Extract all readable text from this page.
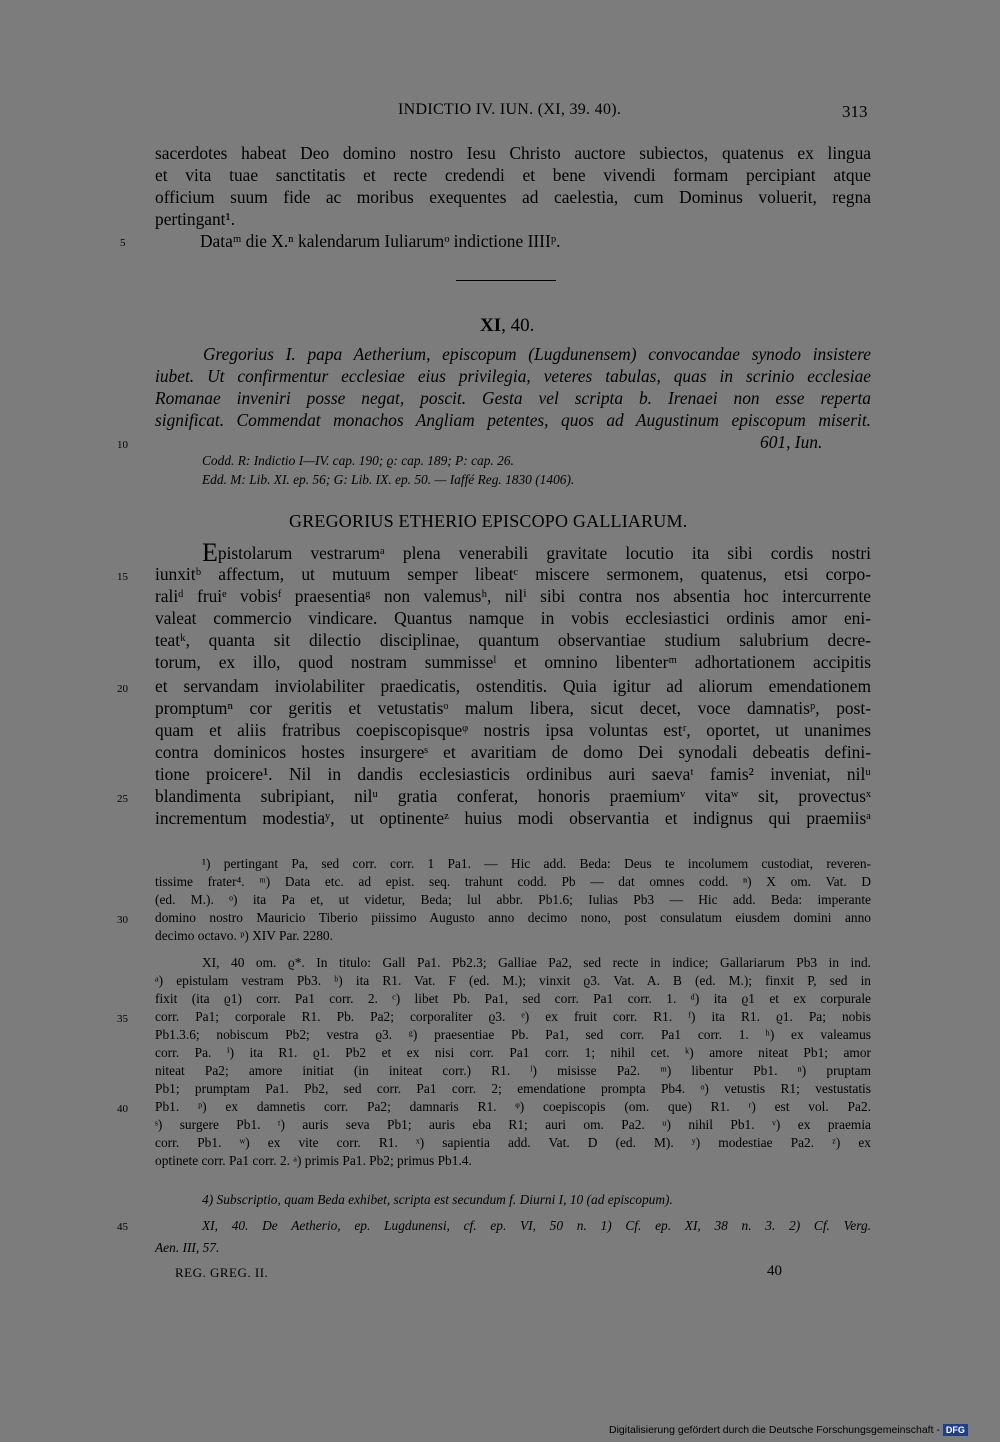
INDICTIO IV. IUN. (XI, 39. 40).	313
sacerdotes habeat Deo domino nostro Iesu Christo auctore subiectos, quatenus ex lingua
et vita tuae sanctitatis et recte credendi et bene vivendi formam percipiant atque
officium suum fide ac moribus exequentes ad caelestia, cum Dominus voluerit, regna
pertingant¹.
5	Dataᵐ die X.ⁿ kalendarum Iuliarumᵒ indictione IIIIᵖ.
XI, 40.
Gregorius I. papa Aetherium, episcopum (Lugdunensem) convocandae synodo insistere
iubet. Ut confirmentur ecclesiae eius privilegia, veteres tabulas, quas in scrinio ecclesiae
Romanae inveniri posse negat, poscit. Gesta vel scripta b. Irenaei non esse reperta
significat. Commendat monachos Angliam petentes, quos ad Augustinum episcopum miserit.
10	601, Iun.
Codd. R: Indictio I—IV. cap. 190; ϱ: cap. 189; P: cap. 26.
Edd. M: Lib. XI. ep. 56; G: Lib. IX. ep. 50. — Iaffé Reg. 1830 (1406).
GREGORIUS ETHERIO EPISCOPO GALLIARUM.
Epistolarum vestrarumᵃ plena venerabili gravitate locutio ita sibi cordis nostri
15 iunxitᵇ affectum, ut mutuum semper libeatᶜ miscere sermonem, quatenus, etsi corpo-
raliᵈ fruiᵉ vobisᶠ praesentiaᵍ non valemusʰ, nilⁱ sibi contra nos absentia hoc intercurrente
valeat commercio vindicare. Quantus namque in vobis ecclesiastici ordinis amor eni-
teatᵏ, quanta sit dilectio disciplinae, quantum observantiae studium salubrium decre-
torum, ex illo, quod nostram summisseˡ et omnino libenterᵐ adhortationem accipitis
20 et servandam inviolabiliter praedicatis, ostenditis. Quia igitur ad aliorum emendationem
promptumⁿ cor geritis et vetustatisᵒ malum libera, sicut decet, voce damnatisᵖ, post-
quam et aliis fratribus coepiscopisqueᵠ nostris ipsa voluntas estʳ, oportet, ut unanimes
contra dominicos hostes insurgereˢ et avaritiam de domo Dei synodali debeatis defini-
tione proicere¹. Nil in dandis ecclesiasticis ordinibus auri saevaᵗ famis² inveniat, nilᵘ
25 blandimenta subripiant, nilᵘ gratia conferat, honoris praemiumᵛ vitaʷ sit, provectusˣ
incrementum modestiaʸ, ut optinenteᶻ huius modi observantia et indignus qui praemiisᵃ
¹) pertingant Pa, sed corr. corr. 1 Pa1. — Hic add. Beda: Deus te incolumem custodiat, reveren-
tissime frater⁴. ᵐ) Data etc. ad epist. seq. trahunt codd. Pb — dat omnes codd. ⁿ) X om. Vat. D
(ed. M.). ᵒ) ita Pa et, ut videtur, Beda; lul abbr. Pb1.6; Iulias Pb3 — Hic add. Beda: imperante
30 domino nostro Mauricio Tiberio piissimo Augusto anno decimo nono, post consulatum eiusdem domini anno
decimo octavo. ᵖ) XIV Par. 2280.
XI, 40 om. ϱ*. In titulo: Gall Pa1. Pb2.3; Galliae Pa2, sed recte in indice; Gallariarum Pb3 in ind.
ᵃ) epistulam vestram Pb3. ᵇ) ita R1. Vat. F (ed. M.); vinxit ϱ3. Vat. A. B (ed. M.); finxit P, sed in
fixit (ita ϱ1) corr. Pa1 corr. 2. ᶜ) libet Pb. Pa1, sed corr. Pa1 corr. 1. ᵈ) ita ϱ1 et ex corpurale
35 corr. Pa1; corporale R1. Pb. Pa2; corporaliter ϱ3. ᵉ) ex fruit corr. R1. ᶠ) ita R1. ϱ1. Pa; nobis
Pb1.3.6; nobiscum Pb2; vestra ϱ3. ᵍ) praesentiae Pb. Pa1, sed corr. Pa1 corr. 1. ʰ) ex valeamus
corr. Pa. ⁱ) ita R1. ϱ1. Pb2 et ex nisi corr. Pa1 corr. 1; nihil cet. ᵏ) amore niteat Pb1; amor
niteat Pa2; amore initiat (in initeat corr.) R1. ˡ) misisse Pa2. ᵐ) libentur Pb1. ⁿ) pruptam
Pb1; prumptam Pa1. Pb2, sed corr. Pa1 corr. 2; emendatione prompta Pb4. ᵒ) vetustis R1; vestustatis
40 Pb1. ᵖ) ex damnetis corr. Pa2; damnaris R1. ᵠ) coepiscopis (om. que) R1. ʳ) est vol. Pa2.
ˢ) surgere Pb1. ᵗ) auris seva Pb1; auris eba R1; auri om. Pa2. ᵘ) nihil Pb1. ᵛ) ex praemia
corr. Pb1. ʷ) ex vite corr. R1. ˣ) sapientia add. Vat. D (ed. M). ʸ) modestiae Pa2. ᶻ) ex
optinete corr. Pa1 corr. 2. ᵃ) primis Pa1. Pb2; primus Pb1.4.
4) Subscriptio, quam Beda exhibet, scripta est secundum f. Diurni I, 10 (ad episcopum).
45	XI, 40. De Aetherio, ep. Lugdunensi, cf. ep. VI, 50 n. 1) Cf. ep. XI, 38 n. 3. 2) Cf. Verg.
Aen. III, 57.
REG. GREG. II.	40
Digitalisierung gefördert durch die Deutsche Forschungsgemeinschaft - DFG
